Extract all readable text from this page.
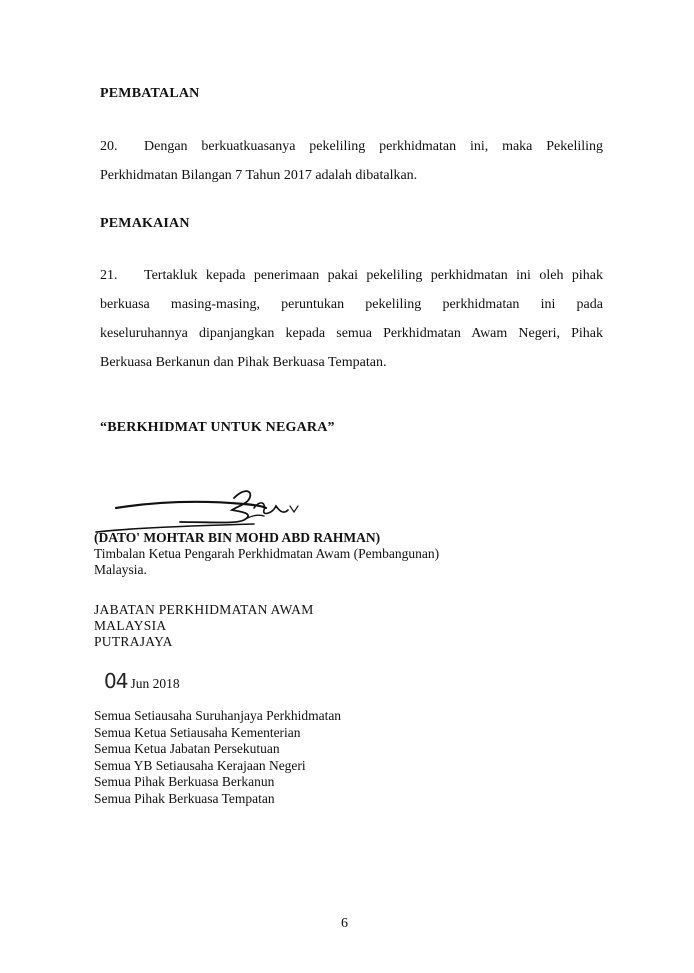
PEMBATALAN
20. Dengan berkuatkuasanya pekeliling perkhidmatan ini, maka Pekeliling
Perkhidmatan Bilangan 7 Tahun 2017 adalah dibatalkan.
PEMAKAIAN
21. Tertakluk kepada penerimaan pakai pekeliling perkhidmatan ini oleh pihak
berkuasa masing-masing, peruntukan pekeliling perkhidmatan ini pada
keseluruhannya dipanjangkan kepada semua Perkhidmatan Awam Negeri, Pihak
Berkuasa Berkanun dan Pihak Berkuasa Tempatan.
“BERKHIDMAT UNTUK NEGARA”
(DATO' MOHTAR BIN MOHD ABD RAHMAN)
Timbalan Ketua Pengarah Perkhidmatan Awam (Pembangunan)
Malaysia.
JABATAN PERKHIDMATAN AWAM
MALAYSIA
PUTRAJAYA
04 Jun 2018
Semua Setiausaha Suruhanjaya Perkhidmatan
Semua Ketua Setiausaha Kementerian
Semua Ketua Jabatan Persekutuan
Semua YB Setiausaha Kerajaan Negeri
Semua Pihak Berkuasa Berkanun
Semua Pihak Berkuasa Tempatan
6
